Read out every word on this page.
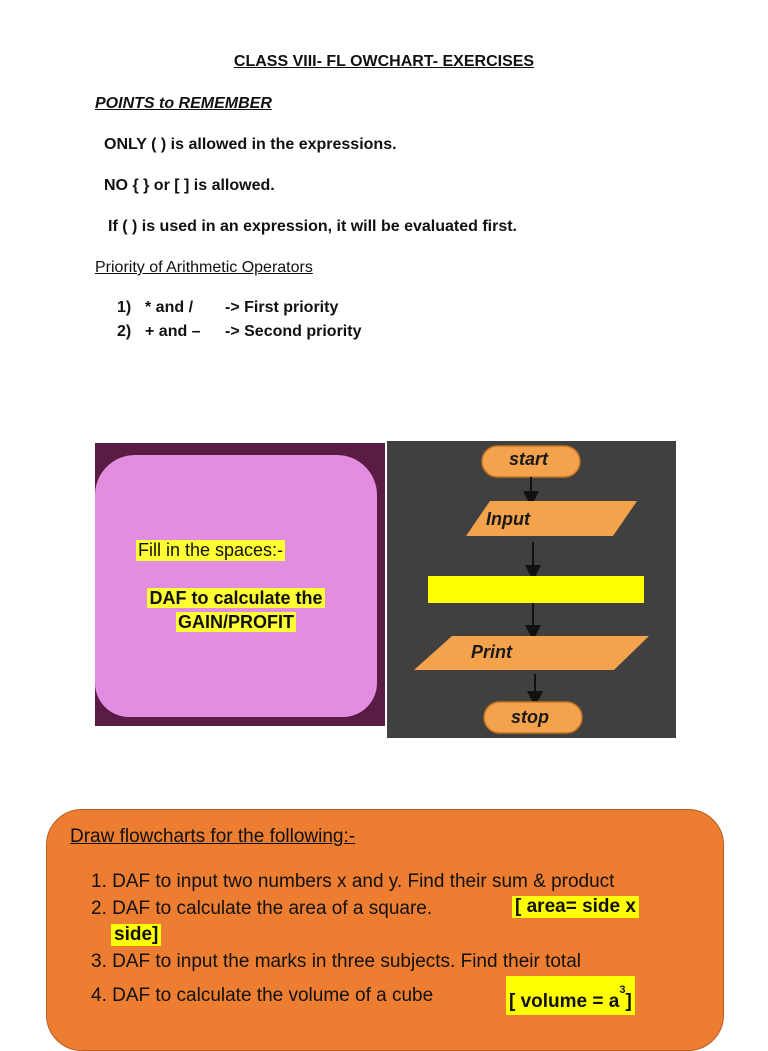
CLASS VIII- FL OWCHART- EXERCISES
POINTS to REMEMBER
ONLY ( ) is allowed in the expressions.
NO { } or [ ] is allowed.
If ( ) is used in an expression, it will be evaluated first.
Priority of Arithmetic Operators
1) * and /	-> First priority
2) + and –	-> Second priority
Fill in the spaces:-
DAF to calculate the
GAIN/PROFIT
start
Input
Print
stop
Draw flowcharts for the following:-
1. DAF to input two numbers x and y. Find their sum & product
2. DAF to calculate the area of a square.	[ area= side x
side]
3. DAF to input the marks in three subjects. Find their total
4. DAF to calculate the volume of a cube	[ volume = $a^3$]
